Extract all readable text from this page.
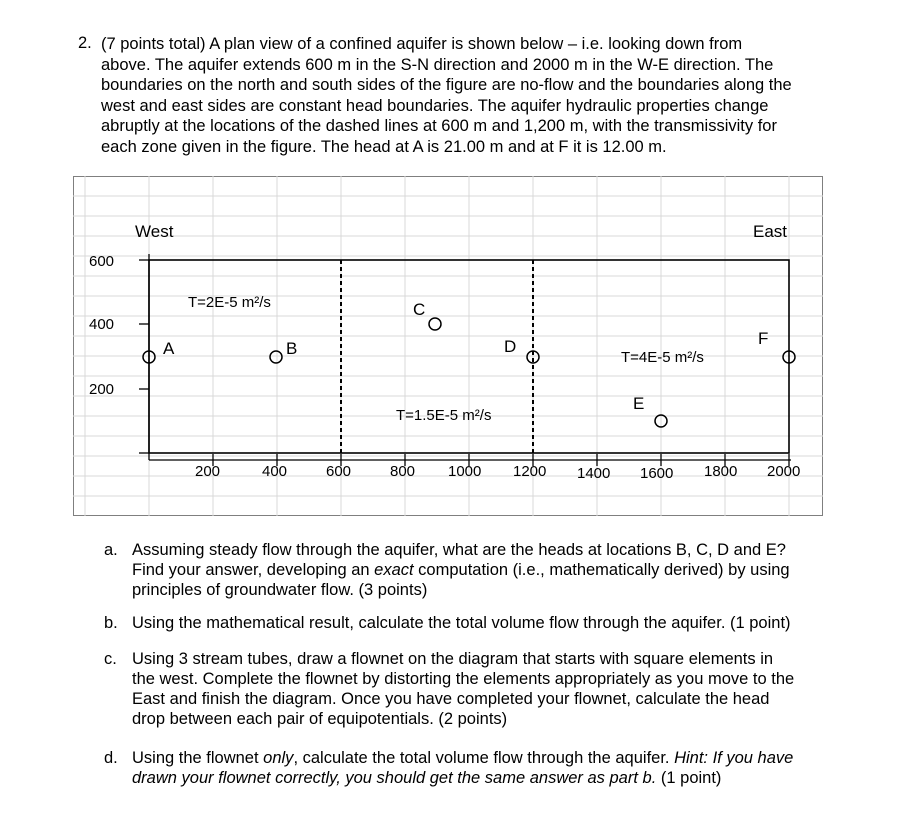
2. (7 points total) A plan view of a confined aquifer is shown below – i.e. looking down from
above. The aquifer extends 600 m in the S-N direction and 2000 m in the W-E direction. The
boundaries on the north and south sides of the figure are no-flow and the boundaries along the
west and east sides are constant head boundaries. The aquifer hydraulic properties change
abruptly at the locations of the dashed lines at 600 m and 1,200 m, with the transmissivity for
each zone given in the figure. The head at A is 21.00 m and at F it is 12.00 m.

West	East
600
400
200
200	400	600	800 1000 1200 1400 1600 1800 2000
T=2E-5 m²/s
T=1.5E-5 m²/s
T=4E-5 m²/s
A	B
C
D
E
F
a. Assuming steady flow through the aquifer, what are the heads at locations B, C, D and E?
Find your answer, developing an exact computation (i.e., mathematically derived) by using
principles of groundwater flow. (3 points)
b. Using the mathematical result, calculate the total volume flow through the aquifer. (1 point)
c. Using 3 stream tubes, draw a flownet on the diagram that starts with square elements in
the west. Complete the flownet by distorting the elements appropriately as you move to the
East and finish the diagram. Once you have completed your flownet, calculate the head
drop between each pair of equipotentials. (2 points)
d. Using the flownet only, calculate the total volume flow through the aquifer. Hint: If you have
drawn your flownet correctly, you should get the same answer as part b. (1 point)
